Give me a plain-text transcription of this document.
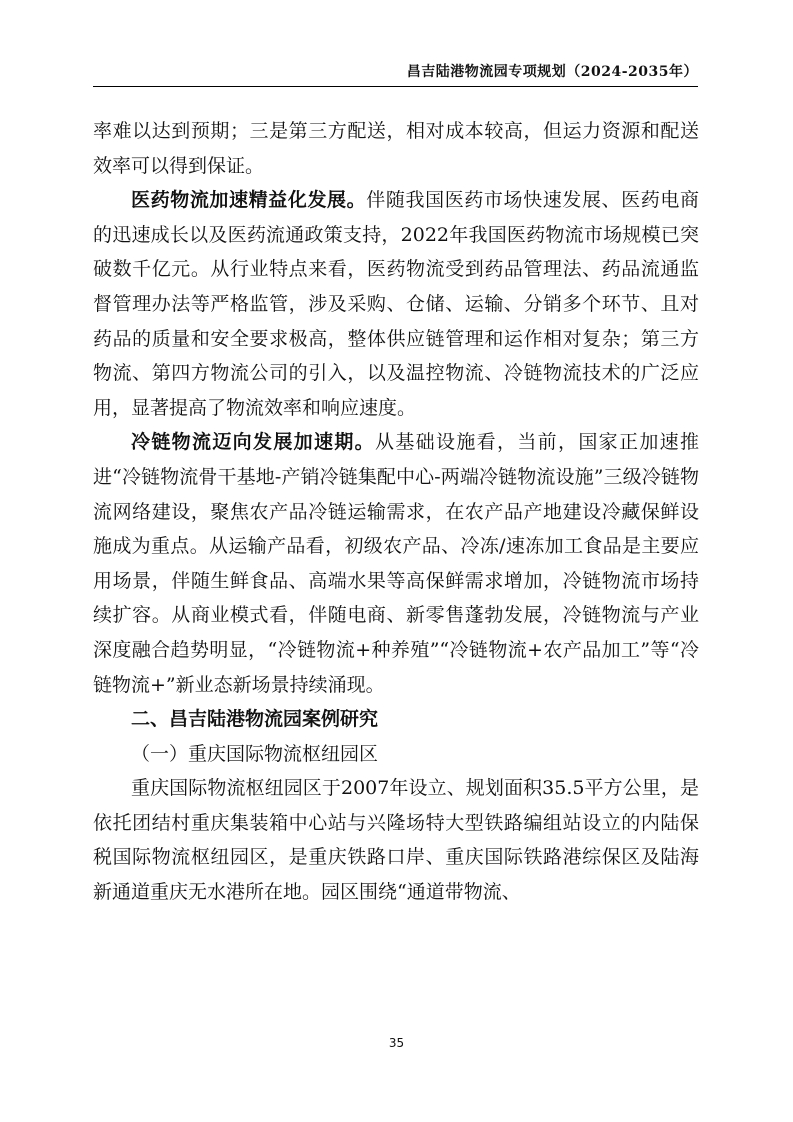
昌吉陆港物流园专项规划（2024-2035年）

率难以达到预期；三是第三方配送，相对成本较高，但运力资源和配送效率可以得到保证。

医药物流加速精益化发展。伴随我国医药市场快速发展、医药电商的迅速成长以及医药流通政策支持，2022年我国医药物流市场规模已突破数千亿元。从行业特点来看，医药物流受到药品管理法、药品流通监督管理办法等严格监管，涉及采购、仓储、运输、分销多个环节、且对药品的质量和安全要求极高，整体供应链管理和运作相对复杂；第三方物流、第四方物流公司的引入，以及温控物流、冷链物流技术的广泛应用，显著提高了物流效率和响应速度。

冷链物流迈向发展加速期。从基础设施看，当前，国家正加速推进“冷链物流骨干基地-产销冷链集配中心-两端冷链物流设施”三级冷链物流网络建设，聚焦农产品冷链运输需求，在农产品产地建设冷藏保鲜设施成为重点。从运输产品看，初级农产品、冷冻/速冻加工食品是主要应用场景，伴随生鲜食品、高端水果等高保鲜需求增加，冷链物流市场持续扩容。从商业模式看，伴随电商、新零售蓬勃发展，冷链物流与产业深度融合趋势明显，“冷链物流+种养殖”“冷链物流+农产品加工”等“冷链物流+”新业态新场景持续涌现。

二、昌吉陆港物流园案例研究

（一）重庆国际物流枢纽园区

重庆国际物流枢纽园区于2007年设立、规划面积35.5平方公里，是依托团结村重庆集装箱中心站与兴隆场特大型铁路编组站设立的内陆保税国际物流枢纽园区，是重庆铁路口岸、重庆国际铁路港综保区及陆海新通道重庆无水港所在地。园区围绕“通道带物流、

35
